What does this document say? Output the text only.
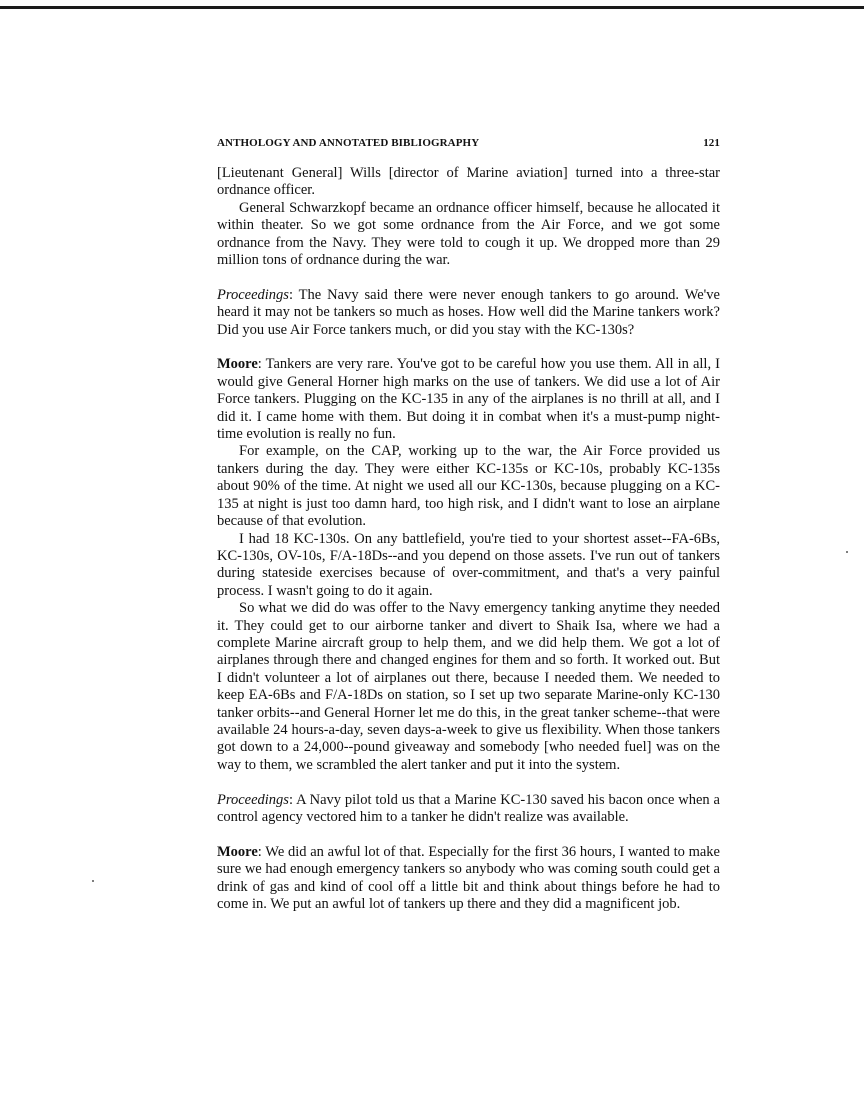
ANTHOLOGY AND ANNOTATED BIBLIOGRAPHY	121

[Lieutenant General] Wills [director of Marine aviation] turned into a three-star ordnance officer.

General Schwarzkopf became an ordnance officer himself, because he allocated it within theater. So we got some ordnance from the Air Force, and we got some ordnance from the Navy. They were told to cough it up. We dropped more than 29 million tons of ordnance during the war.

Proceedings: The Navy said there were never enough tankers to go around. We've heard it may not be tankers so much as hoses. How well did the Marine tankers work? Did you use Air Force tankers much, or did you stay with the KC-130s?

Moore: Tankers are very rare. You've got to be careful how you use them. All in all, I would give General Horner high marks on the use of tankers. We did use a lot of Air Force tankers. Plugging on the KC-135 in any of the airplanes is no thrill at all, and I did it. I came home with them. But doing it in combat when it's a must-pump night-time evolution is really no fun.

For example, on the CAP, working up to the war, the Air Force provided us tankers during the day. They were either KC-135s or KC-10s, probably KC-135s about 90% of the time. At night we used all our KC-130s, because plugging on a KC-135 at night is just too damn hard, too high risk, and I didn't want to lose an airplane because of that evolution.

I had 18 KC-130s. On any battlefield, you're tied to your shortest asset--FA-6Bs, KC-130s, OV-10s, F/A-18Ds--and you depend on those assets. I've run out of tankers during stateside exercises because of over-commitment, and that's a very painful process. I wasn't going to do it again.

So what we did do was offer to the Navy emergency tanking anytime they needed it. They could get to our airborne tanker and divert to Shaik Isa, where we had a complete Marine aircraft group to help them, and we did help them. We got a lot of airplanes through there and changed engines for them and so forth. It worked out. But I didn't volunteer a lot of airplanes out there, because I needed them. We needed to keep EA-6Bs and F/A-18Ds on station, so I set up two separate Marine-only KC-130 tanker orbits--and General Horner let me do this, in the great tanker scheme--that were available 24 hours-a-day, seven days-a-week to give us flexibility. When those tankers got down to a 24,000--pound giveaway and somebody [who needed fuel] was on the way to them, we scrambled the alert tanker and put it into the system.

Proceedings: A Navy pilot told us that a Marine KC-130 saved his bacon once when a control agency vectored him to a tanker he didn't realize was available.

Moore: We did an awful lot of that. Especially for the first 36 hours, I wanted to make sure we had enough emergency tankers so anybody who was coming south could get a drink of gas and kind of cool off a little bit and think about things before he had to come in. We put an awful lot of tankers up there and they did a magnificent job.
